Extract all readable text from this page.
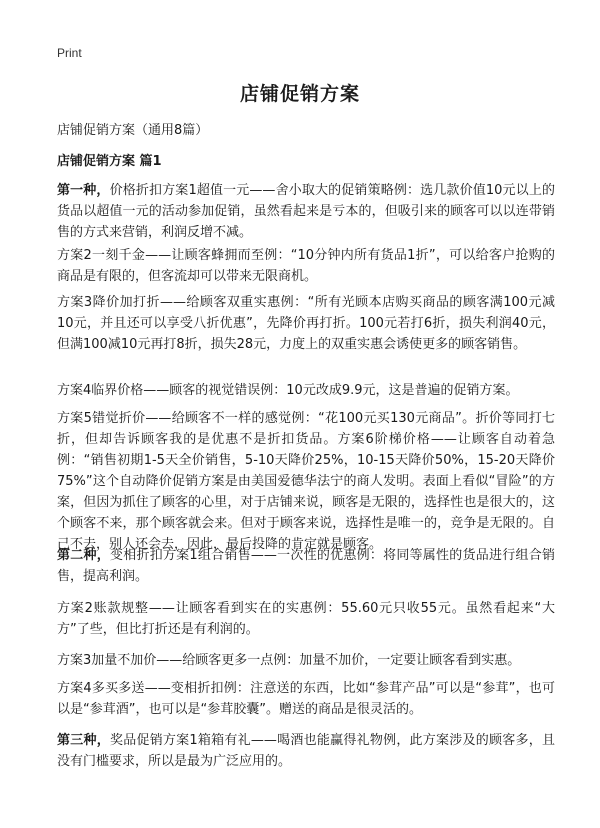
Print
店铺促销方案
店铺促销方案（通用8篇）
店铺促销方案 篇1
第一种，价格折扣方案1超值一元——舍小取大的促销策略例：选几款价值10元以上的货品以超值一元的活动参加促销，虽然看起来是亏本的，但吸引来的顾客可以以连带销售的方式来营销，利润反增不减。
方案2一刻千金——让顾客蜂拥而至例：“10分钟内所有货品1折”，可以给客户抢购的商品是有限的，但客流却可以带来无限商机。
方案3降价加打折——给顾客双重实惠例：“所有光顾本店购买商品的顾客满100元减10元，并且还可以享受八折优惠”，先降价再打折。100元若打6折，损失利润40元，但满100减10元再打8折，损失28元，力度上的双重实惠会诱使更多的顾客销售。
方案4临界价格——顾客的视觉错误例：10元改成9.9元，这是普遍的促销方案。
方案5错觉折价——给顾客不一样的感觉例：“花100元买130元商品”。折价等同打七折，但却告诉顾客我的是优惠不是折扣货品。方案6阶梯价格——让顾客自动着急例：“销售初期1-5天全价销售，5-10天降价25%，10-15天降价50%，15-20天降价75%”这个自动降价促销方案是由美国爱德华法宁的商人发明。表面上看似“冒险”的方案，但因为抓住了顾客的心里，对于店铺来说，顾客是无限的，选择性也是很大的，这个顾客不来，那个顾客就会来。但对于顾客来说，选择性是唯一的，竞争是无限的。自己不去，别人还会去，因此，最后投降的肯定就是顾客。
第二种，变相折扣方案1组合销售——一次性的优惠例：将同等属性的货品进行组合销售，提高利润。
方案2账款规整——让顾客看到实在的实惠例：55.60元只收55元。虽然看起来“大方”了些，但比打折还是有利润的。
方案3加量不加价——给顾客更多一点例：加量不加价，一定要让顾客看到实惠。
方案4多买多送——变相折扣例：注意送的东西，比如“参茸产品”可以是“参茸”，也可以是“参茸酒”，也可以是“参茸胶囊”。赠送的商品是很灵活的。
第三种，奖品促销方案1箱箱有礼——喝酒也能赢得礼物例，此方案涉及的顾客多，且没有门槛要求，所以是最为广泛应用的。
